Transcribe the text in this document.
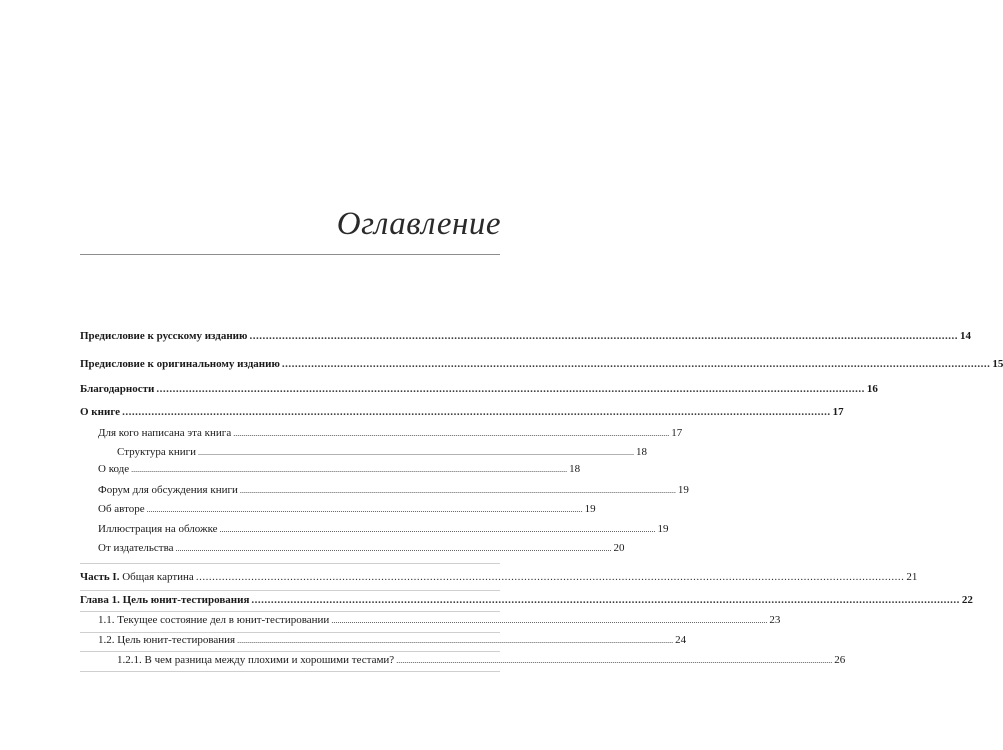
Оглавление
Предисловие к русскому изданию .......................................................................................................................................................................................................................... 14
Предисловие к оригинальному изданию .......................................................................................................................................................................................................................... 15
Благодарности .......................................................................................................................................................................................................................... 16
О книге .......................................................................................................................................................................................................................... 17
Для кого написана эта книга .......................................................................................................................................................................................................................... 17
Структура книги .......................................................................................................................................................................................................................... 18
О коде .......................................................................................................................................................................................................................... 18
Форум для обсуждения книги .......................................................................................................................................................................................................................... 19
Об авторе .......................................................................................................................................................................................................................... 19
Иллюстрация на обложке .......................................................................................................................................................................................................................... 19
От издательства .......................................................................................................................................................................................................................... 20
Часть I. Общая картина .......................................................................................................................................................................................................................... 21
Глава 1. Цель юнит-тестирования .......................................................................................................................................................................................................................... 22
1.1. Текущее состояние дел в юнит-тестировании .......................................................................................................................................................................................................................... 23
1.2. Цель юнит-тестирования .......................................................................................................................................................................................................................... 24
1.2.1. В чем разница между плохими и хорошими тестами? .......................................................................................................................................................................................................................... 26
